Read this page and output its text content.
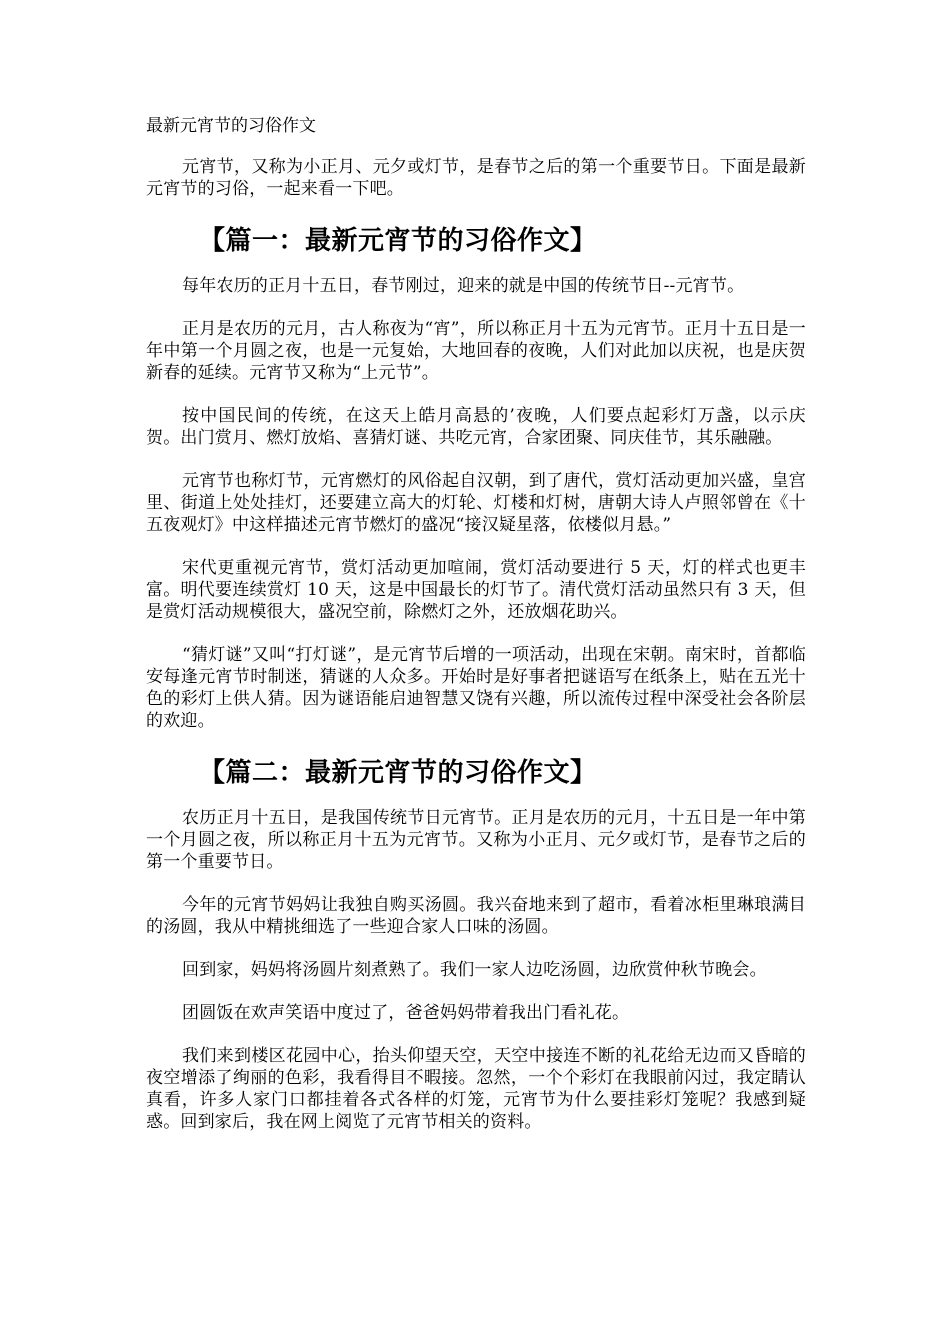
最新元宵节的习俗作文

元宵节，又称为小正月、元夕或灯节，是春节之后的第一个重要节日。下面是最新元宵节的习俗，一起来看一下吧。

【篇一：最新元宵节的习俗作文】

每年农历的正月十五日，春节刚过，迎来的就是中国的传统节日--元宵节。

正月是农历的元月，古人称夜为“宵”，所以称正月十五为元宵节。正月十五日是一年中第一个月圆之夜，也是一元复始，大地回春的夜晚，人们对此加以庆祝，也是庆贺新春的延续。元宵节又称为“上元节”。

按中国民间的传统，在这天上皓月高悬的’夜晚，人们要点起彩灯万盏，以示庆贺。出门赏月、燃灯放焰、喜猜灯谜、共吃元宵，合家团聚、同庆佳节，其乐融融。

元宵节也称灯节，元宵燃灯的风俗起自汉朝，到了唐代，赏灯活动更加兴盛，皇宫里、街道上处处挂灯，还要建立高大的灯轮、灯楼和灯树，唐朝大诗人卢照邻曾在《十五夜观灯》中这样描述元宵节燃灯的盛况“接汉疑星落，依楼似月悬。”

宋代更重视元宵节，赏灯活动更加喧闹，赏灯活动要进行 5 天，灯的样式也更丰富。明代要连续赏灯 10 天，这是中国最长的灯节了。清代赏灯活动虽然只有 3 天，但是赏灯活动规模很大，盛况空前，除燃灯之外，还放烟花助兴。

“猜灯谜”又叫“打灯谜”，是元宵节后增的一项活动，出现在宋朝。南宋时，首都临安每逢元宵节时制迷，猜谜的人众多。开始时是好事者把谜语写在纸条上，贴在五光十色的彩灯上供人猜。因为谜语能启迪智慧又饶有兴趣，所以流传过程中深受社会各阶层的欢迎。

【篇二：最新元宵节的习俗作文】

农历正月十五日，是我国传统节日元宵节。正月是农历的元月，十五日是一年中第一个月圆之夜，所以称正月十五为元宵节。又称为小正月、元夕或灯节，是春节之后的第一个重要节日。

今年的元宵节妈妈让我独自购买汤圆。我兴奋地来到了超市，看着冰柜里琳琅满目的汤圆，我从中精挑细选了一些迎合家人口味的汤圆。

回到家，妈妈将汤圆片刻煮熟了。我们一家人边吃汤圆，边欣赏仲秋节晚会。

团圆饭在欢声笑语中度过了，爸爸妈妈带着我出门看礼花。

我们来到楼区花园中心，抬头仰望天空，天空中接连不断的礼花给无边而又昏暗的夜空增添了绚丽的色彩，我看得目不暇接。忽然，一个个彩灯在我眼前闪过，我定睛认真看，许多人家门口都挂着各式各样的灯笼，元宵节为什么要挂彩灯笼呢？我感到疑惑。回到家后，我在网上阅览了元宵节相关的资料。
